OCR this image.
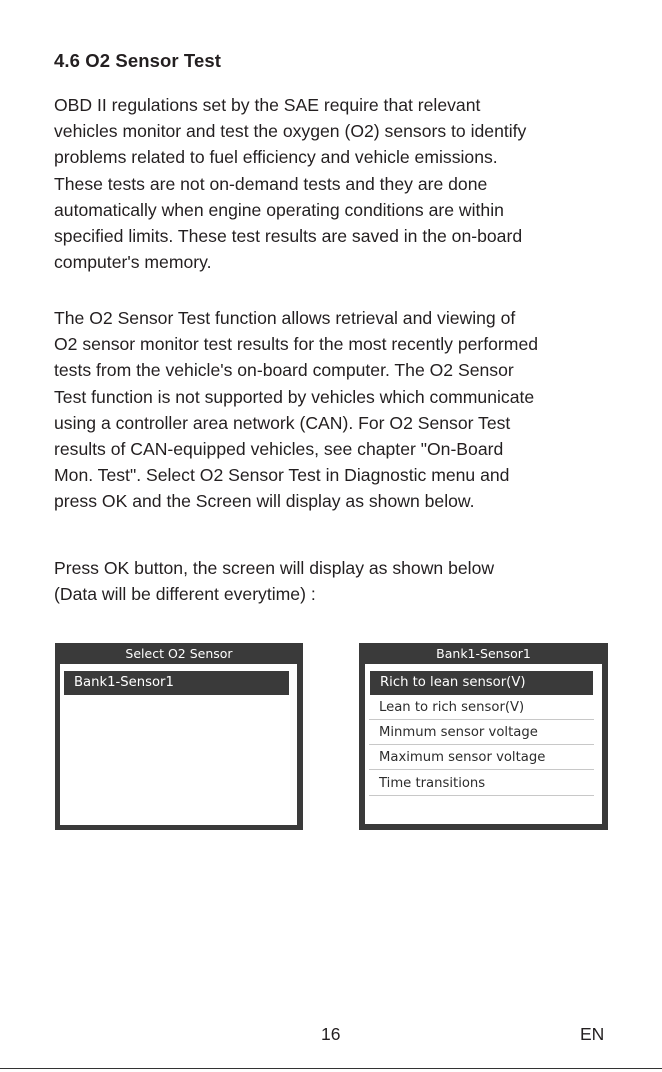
4.6 O2 Sensor Test

OBD II regulations set by the SAE require that relevant
vehicles monitor and test the oxygen (O2) sensors to identify
problems related to fuel efficiency and vehicle emissions.
These tests are not on-demand tests and they are done
automatically when engine operating conditions are within
specified limits. These test results are saved in the on-board
computer's memory.

The O2 Sensor Test function allows retrieval and viewing of
O2 sensor monitor test results for the most recently performed
tests from the vehicle's on-board computer. The O2 Sensor
Test function is not supported by vehicles which communicate
using a controller area network (CAN). For O2 Sensor Test
results of CAN-equipped vehicles, see chapter "On-Board
Mon. Test". Select O2 Sensor Test in Diagnostic menu and
press OK and the Screen will display as shown below.

Press OK button, the screen will display as shown below
(Data will be different everytime) :

Select O2 Sensor
Bank1-Sensor1
Bank1-Sensor1
Rich to lean sensor(V)
Lean to rich sensor(V)
Minmum sensor voltage
Maximum sensor voltage
Time transitions
16	EN
